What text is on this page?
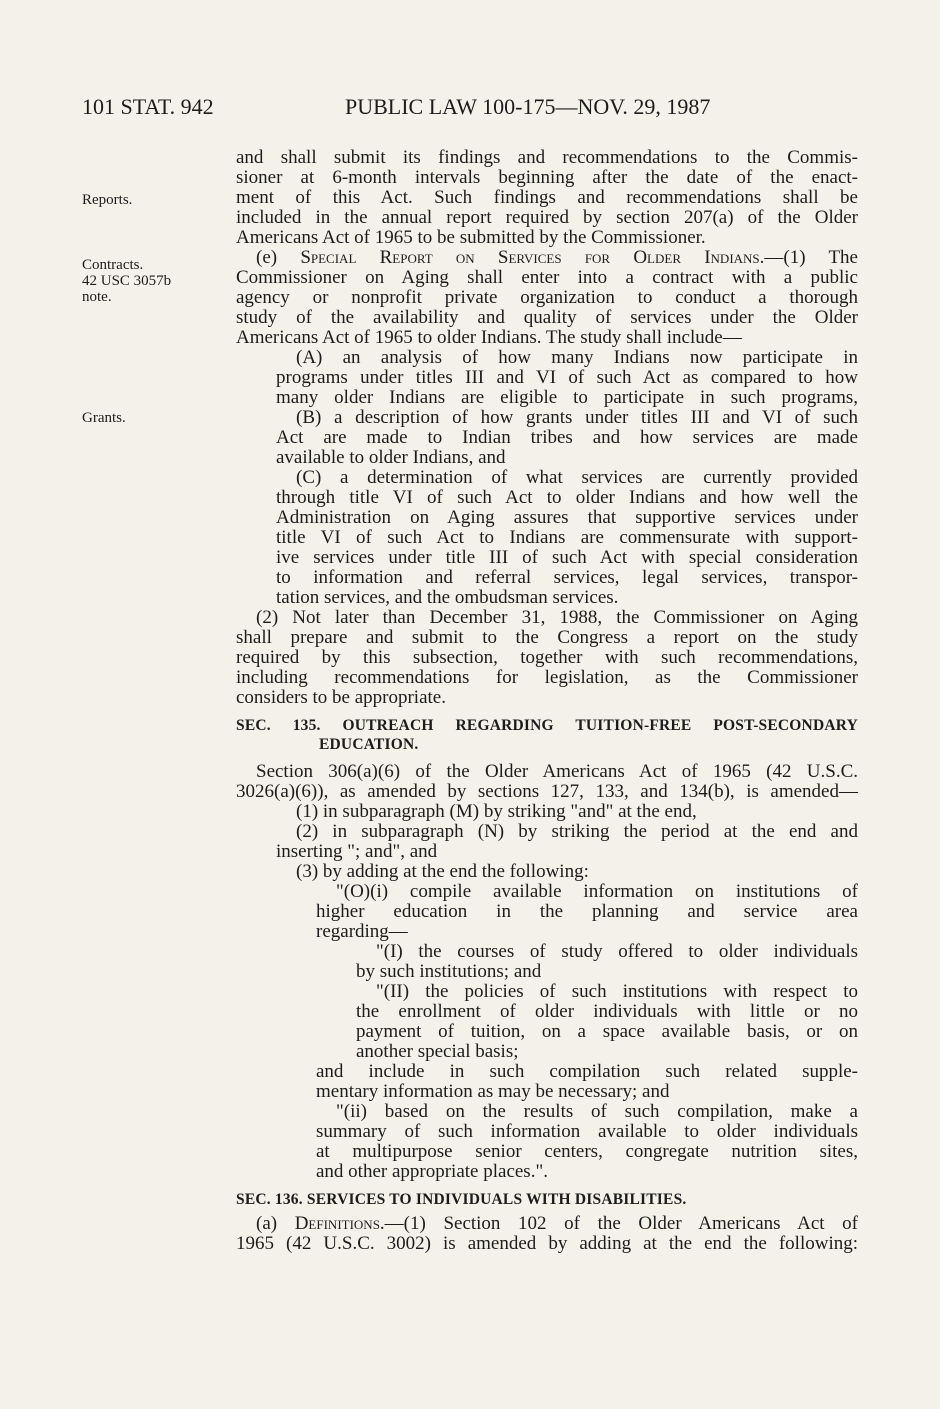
101 STAT. 942	PUBLIC LAW 100-175—NOV. 29, 1987
Reports.
Contracts.
42 USC 3057b
note.
Grants.
and shall submit its findings and recommendations to the Commis-
sioner at 6-month intervals beginning after the date of the enact-
ment of this Act. Such findings and recommendations shall be
included in the annual report required by section 207(a) of the Older
Americans Act of 1965 to be submitted by the Commissioner.
(e) Special Report on Services for Older Indians.—(1) The
Commissioner on Aging shall enter into a contract with a public
agency or nonprofit private organization to conduct a thorough
study of the availability and quality of services under the Older
Americans Act of 1965 to older Indians. The study shall include—
(A) an analysis of how many Indians now participate in
programs under titles III and VI of such Act as compared to how
many older Indians are eligible to participate in such programs,
(B) a description of how grants under titles III and VI of such
Act are made to Indian tribes and how services are made
available to older Indians, and
(C) a determination of what services are currently provided
through title VI of such Act to older Indians and how well the
Administration on Aging assures that supportive services under
title VI of such Act to Indians are commensurate with support-
ive services under title III of such Act with special consideration
to information and referral services, legal services, transpor-
tation services, and the ombudsman services.
(2) Not later than December 31, 1988, the Commissioner on Aging
shall prepare and submit to the Congress a report on the study
required by this subsection, together with such recommendations,
including recommendations for legislation, as the Commissioner
considers to be appropriate.
SEC. 135. OUTREACH REGARDING TUITION-FREE POST-SECONDARY
EDUCATION.
Section 306(a)(6) of the Older Americans Act of 1965 (42 U.S.C.
3026(a)(6)), as amended by sections 127, 133, and 134(b), is amended—
(1) in subparagraph (M) by striking "and" at the end,
(2) in subparagraph (N) by striking the period at the end and
inserting "; and", and
(3) by adding at the end the following:
"(O)(i) compile available information on institutions of
higher education in the planning and service area
regarding—
"(I) the courses of study offered to older individuals
by such institutions; and
"(II) the policies of such institutions with respect to
the enrollment of older individuals with little or no
payment of tuition, on a space available basis, or on
another special basis;
and include in such compilation such related supple-
mentary information as may be necessary; and
"(ii) based on the results of such compilation, make a
summary of such information available to older individuals
at multipurpose senior centers, congregate nutrition sites,
and other appropriate places.".
SEC. 136. SERVICES TO INDIVIDUALS WITH DISABILITIES.
(a) Definitions.—(1) Section 102 of the Older Americans Act of
1965 (42 U.S.C. 3002) is amended by adding at the end the following:
